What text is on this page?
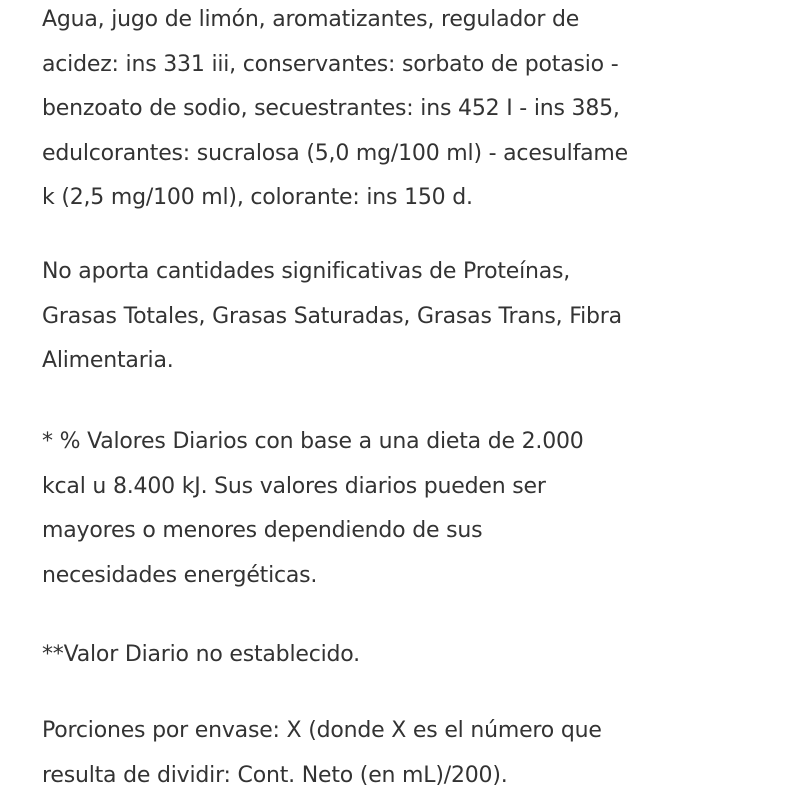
Agua, jugo de limón, aromatizantes, regulador de
acidez: ins 331 iii, conservantes: sorbato de potasio -
benzoato de sodio, secuestrantes: ins 452 I - ins 385,
edulcorantes: sucralosa (5,0 mg/100 ml) - acesulfame
k (2,5 mg/100 ml), colorante: ins 150 d.

No aporta cantidades significativas de Proteínas,
Grasas Totales, Grasas Saturadas, Grasas Trans, Fibra
Alimentaria.

* % Valores Diarios con base a una dieta de 2.000
kcal u 8.400 kJ. Sus valores diarios pueden ser
mayores o menores dependiendo de sus
necesidades energéticas.

**Valor Diario no establecido.

Porciones por envase: X (donde X es el número que
resulta de dividir: Cont. Neto (en mL)/200).
